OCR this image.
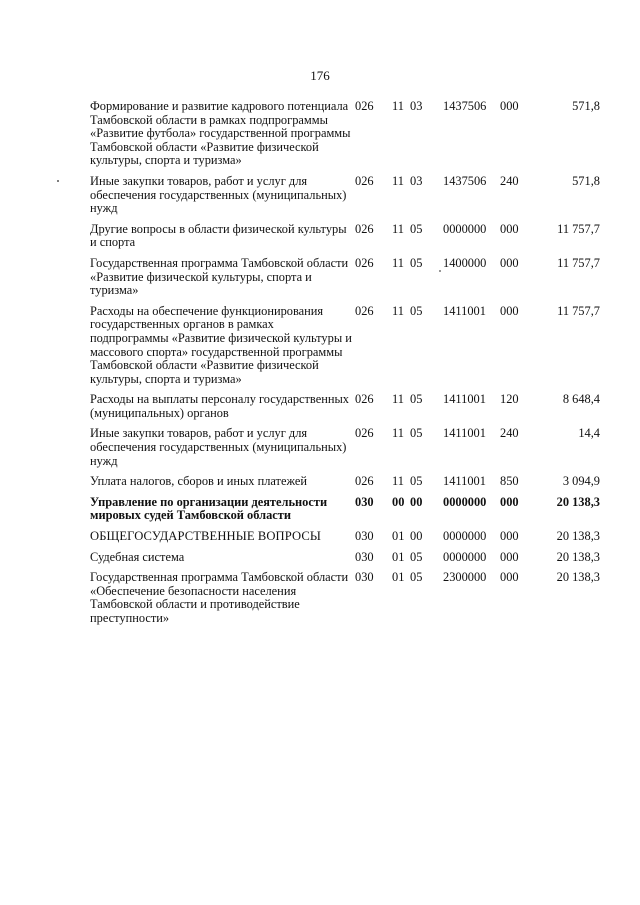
176
Формирование и развитие кадрового потенциала Тамбовской области в рамках подпрограммы «Развитие футбола» государственной программы Тамбовской области «Развитие физической культуры, спорта и туризма»	026	11	03	1437506	000	571,8
Иные закупки товаров, работ и услуг для обеспечения государственных (муниципальных) нужд	026	11	03	1437506	240	571,8
Другие вопросы в области физической культуры и спорта	026	11	05	0000000	000	11 757,7
Государственная программа Тамбовской области «Развитие физической культуры, спорта и туризма»	026	11	05	1400000	000	11 757,7
Расходы на обеспечение функционирования государственных органов в рамках подпрограммы «Развитие физической культуры и массового спорта» государственной программы Тамбовской области «Развитие физической культуры, спорта и туризма»	026	11	05	1411001	000	11 757,7
Расходы на выплаты персоналу государственных (муниципальных) органов	026	11	05	1411001	120	8 648,4
Иные закупки товаров, работ и услуг для обеспечения государственных (муниципальных) нужд	026	11	05	1411001	240	14,4
Уплата налогов, сборов и иных платежей	026	11	05	1411001	850	3 094,9
Управление по организации деятельности мировых судей Тамбовской области	030	00	00	0000000	000	20 138,3
ОБЩЕГОСУДАРСТВЕННЫЕ ВОПРОСЫ	030	01	00	0000000	000	20 138,3
Судебная система	030	01	05	0000000	000	20 138,3
Государственная программа Тамбовской области «Обеспечение безопасности населения Тамбовской области и противодействие преступности»	030	01	05	2300000	000	20 138,3
